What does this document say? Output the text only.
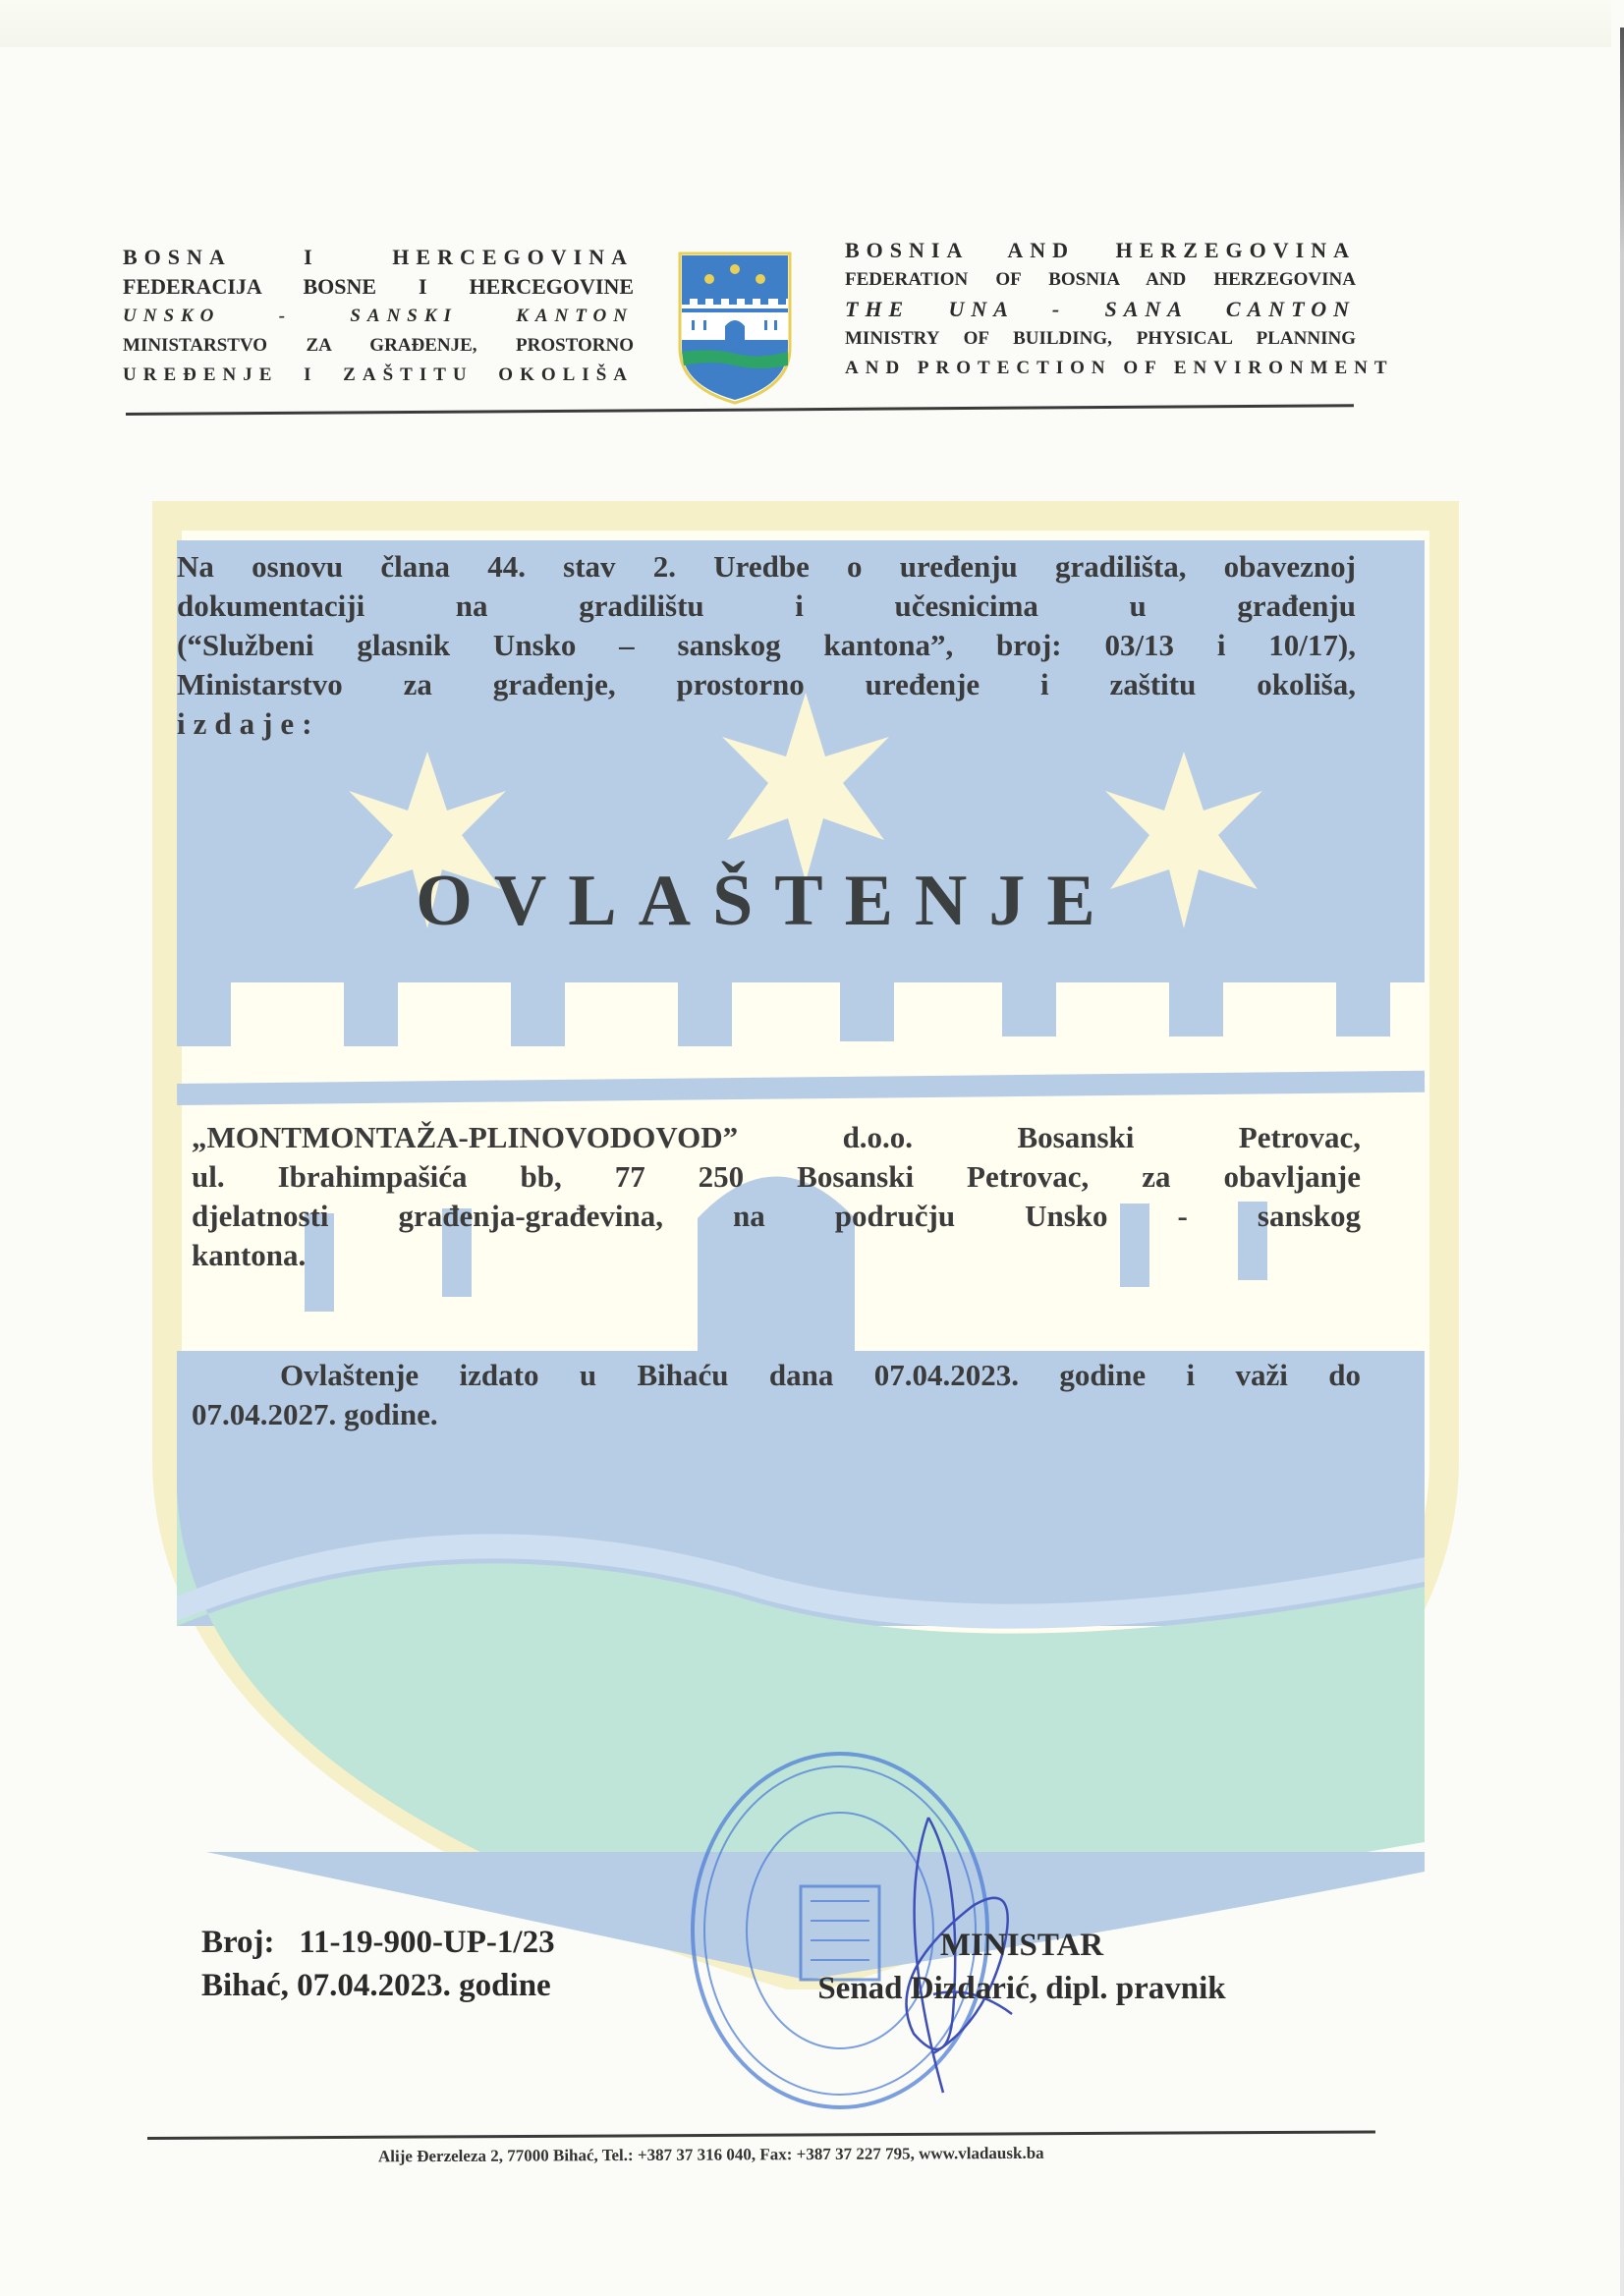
BOSNA I HERCEGOVINA
FEDERACIJA BOSNE I HERCEGOVINE
UNSKO - SANSKI KANTON
MINISTARSTVO ZA GRAĐENJE, PROSTORNO
UREĐENJE I ZAŠTITU OKOLIŠA
BOSNIA AND HERZEGOVINA
FEDERATION OF BOSNIA AND HERZEGOVINA
THE UNA - SANA CANTON
MINISTRY OF BUILDING, PHYSICAL PLANNING
AND PROTECTION OF ENVIRONMENT
Na osnovu člana 44. stav 2. Uredbe o uređenju gradilišta, obaveznoj
dokumentaciji na gradilištu i učesnicima u građenju
(“Službeni glasnik Unsko – sanskog kantona”, broj: 03/13 i 10/17),
Ministarstvo za građenje, prostorno uređenje i zaštitu okoliša,
izdaje:
OVLAŠTENJE
„MONTMONTAŽA-PLINOVODOVOD” d.o.o. Bosanski Petrovac,
ul. Ibrahimpašića bb, 77 250 Bosanski Petrovac, za obavljanje
djelatnosti građenja-građevina, na području Unsko - sanskog
kantona.
Ovlaštenje izdato u Bihaću dana 07.04.2023. godine i važi do
07.04.2027. godine.
Broj:   11-19-900-UP-1/23
Bihać, 07.04.2023. godine
MINISTAR
Senad Dizdarić, dipl. pravnik
Alije Đerzeleza 2, 77000 Bihać, Tel.: +387 37 316 040, Fax: +387 37 227 795, www.vladausk.ba
